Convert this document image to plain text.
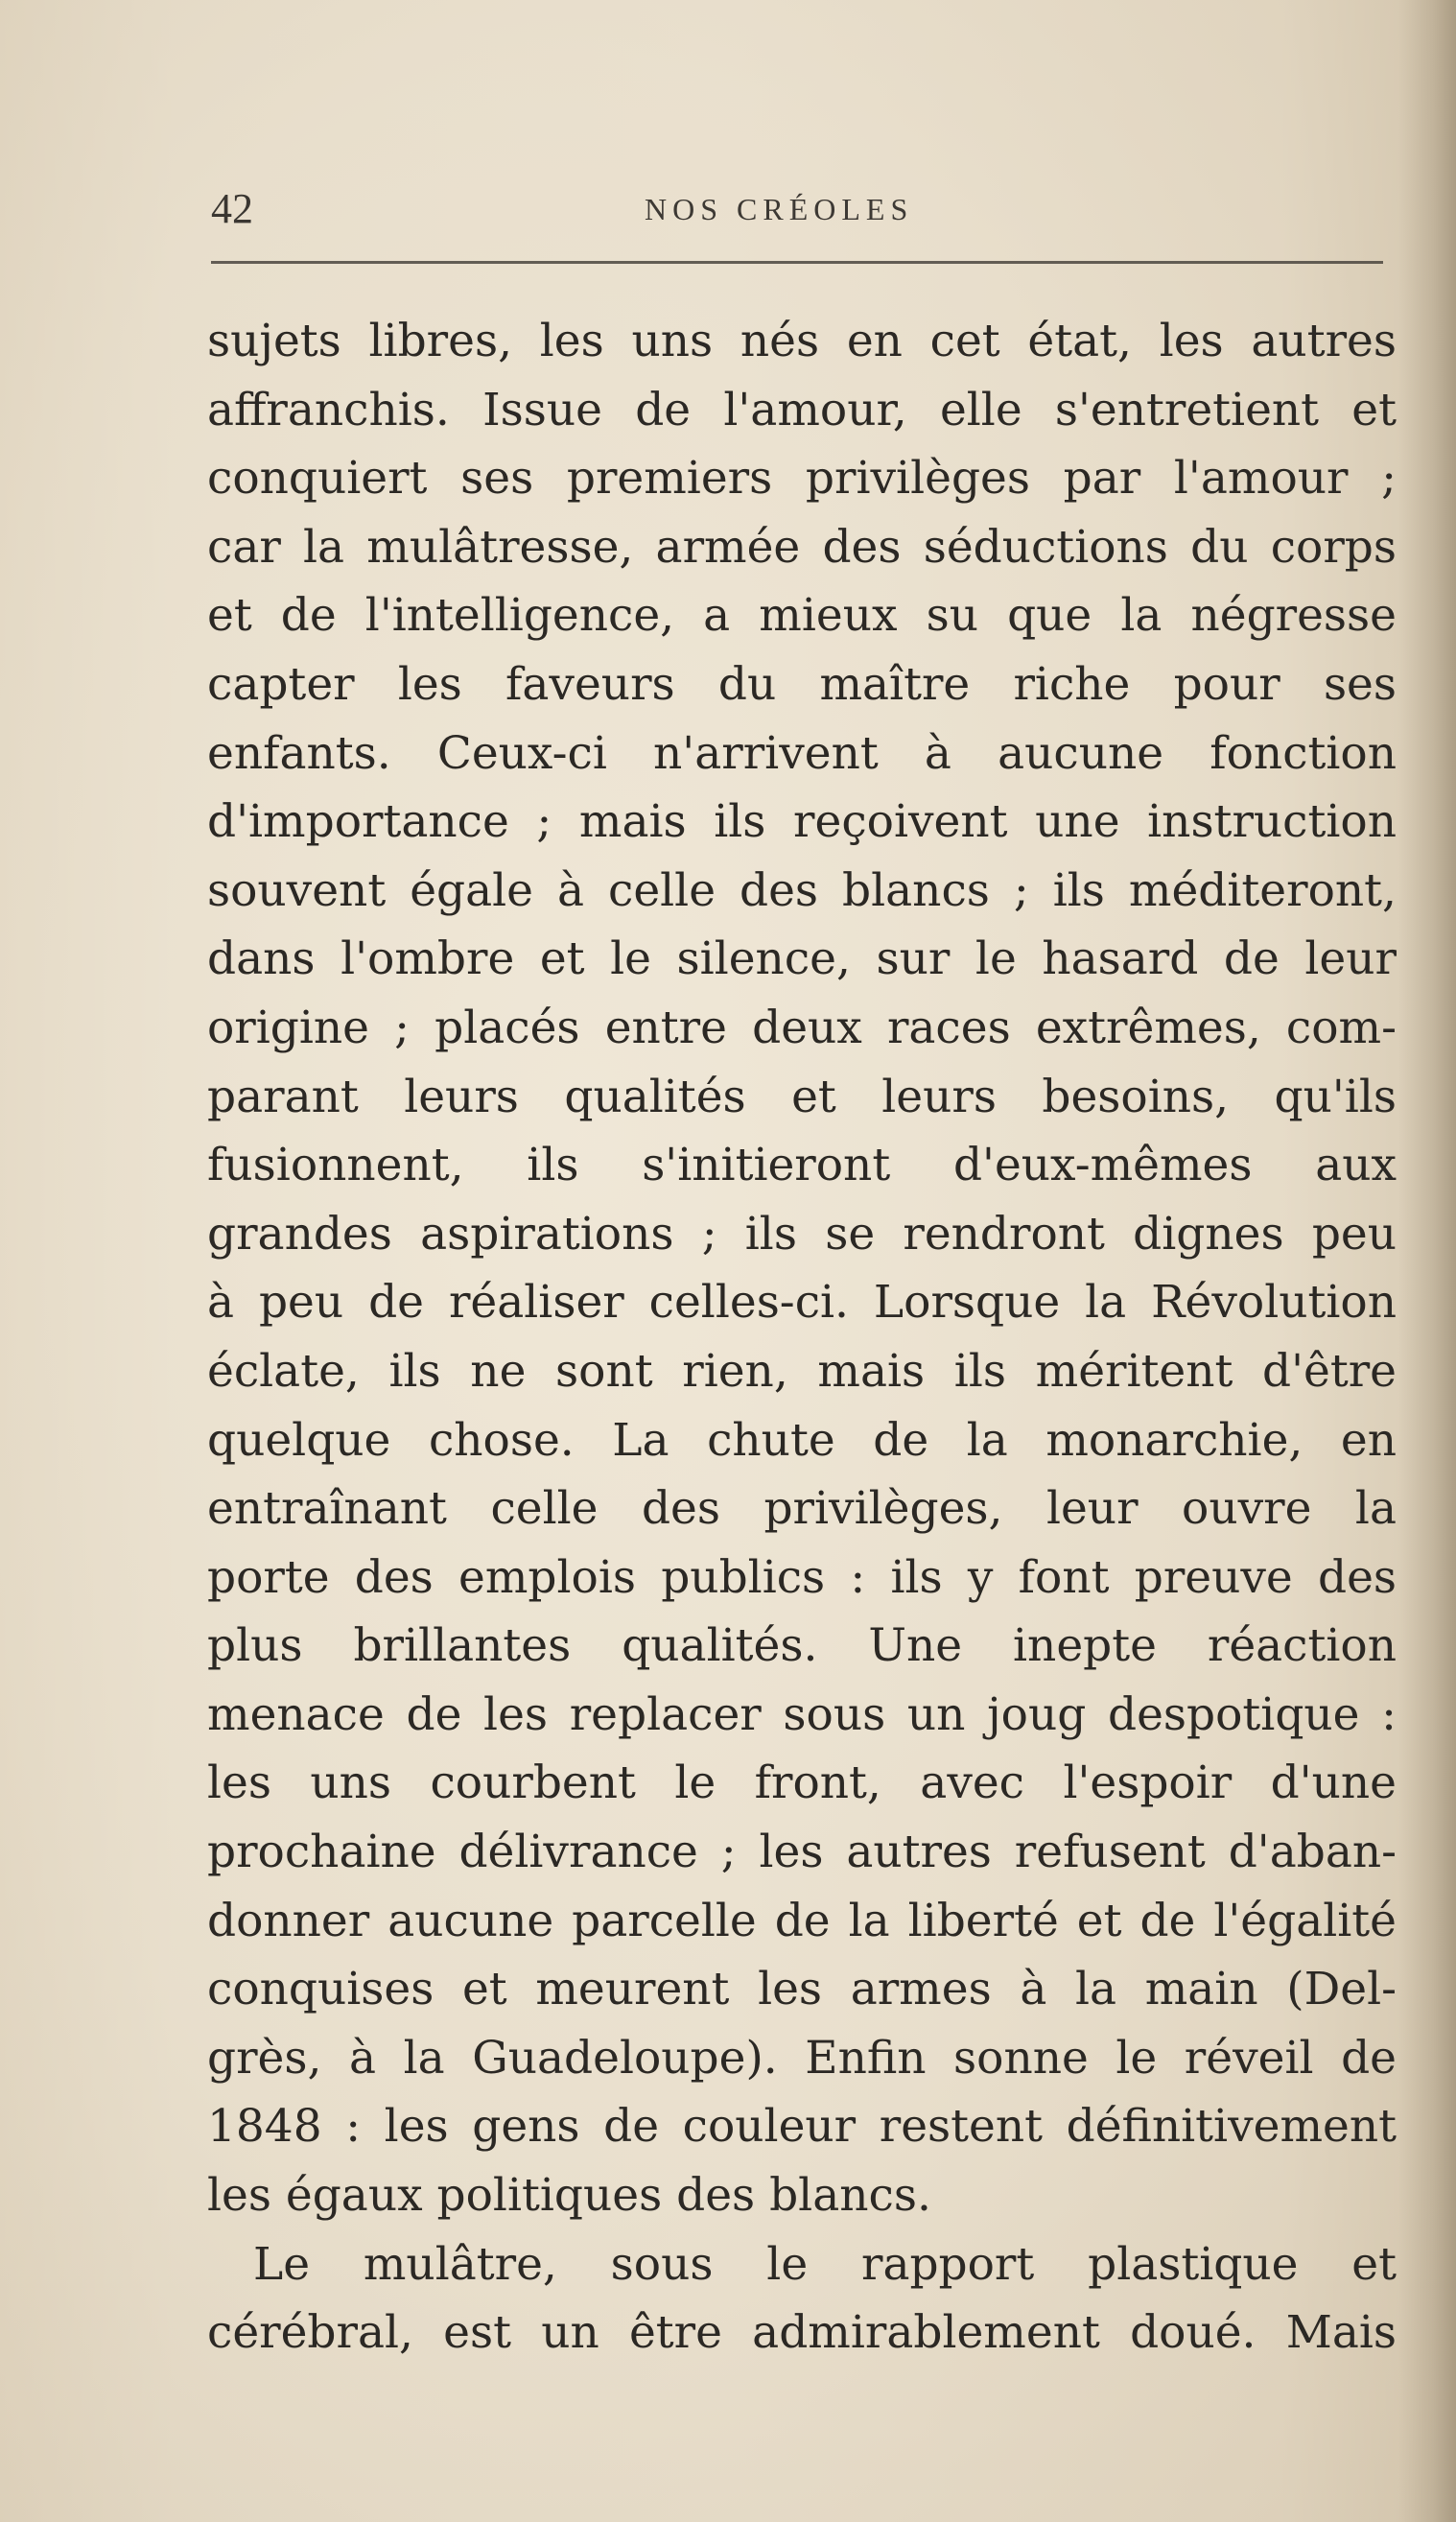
42	NOS CRÉOLES
sujets libres, les uns nés en cet état, les autres
affranchis. Issue de l'amour, elle s'entretient et
conquiert ses premiers privilèges par l'amour ;
car la mulâtresse, armée des séductions du corps
et de l'intelligence, a mieux su que la négresse
capter les faveurs du maître riche pour ses
enfants. Ceux-ci n'arrivent à aucune fonction
d'importance ; mais ils reçoivent une instruction
souvent égale à celle des blancs ; ils méditeront,
dans l'ombre et le silence, sur le hasard de leur
origine ; placés entre deux races extrêmes, com-
parant leurs qualités et leurs besoins, qu'ils
fusionnent, ils s'initieront d'eux-mêmes aux
grandes aspirations ; ils se rendront dignes peu
à peu de réaliser celles-ci. Lorsque la Révolution
éclate, ils ne sont rien, mais ils méritent d'être
quelque chose. La chute de la monarchie, en
entraînant celle des privilèges, leur ouvre la
porte des emplois publics : ils y font preuve des
plus brillantes qualités. Une inepte réaction
menace de les replacer sous un joug despotique :
les uns courbent le front, avec l'espoir d'une
prochaine délivrance ; les autres refusent d'aban-
donner aucune parcelle de la liberté et de l'égalité
conquises et meurent les armes à la main (Del-
grès, à la Guadeloupe). Enfin sonne le réveil de
1848 : les gens de couleur restent définitivement
les égaux politiques des blancs.
Le mulâtre, sous le rapport plastique et
cérébral, est un être admirablement doué. Mais
